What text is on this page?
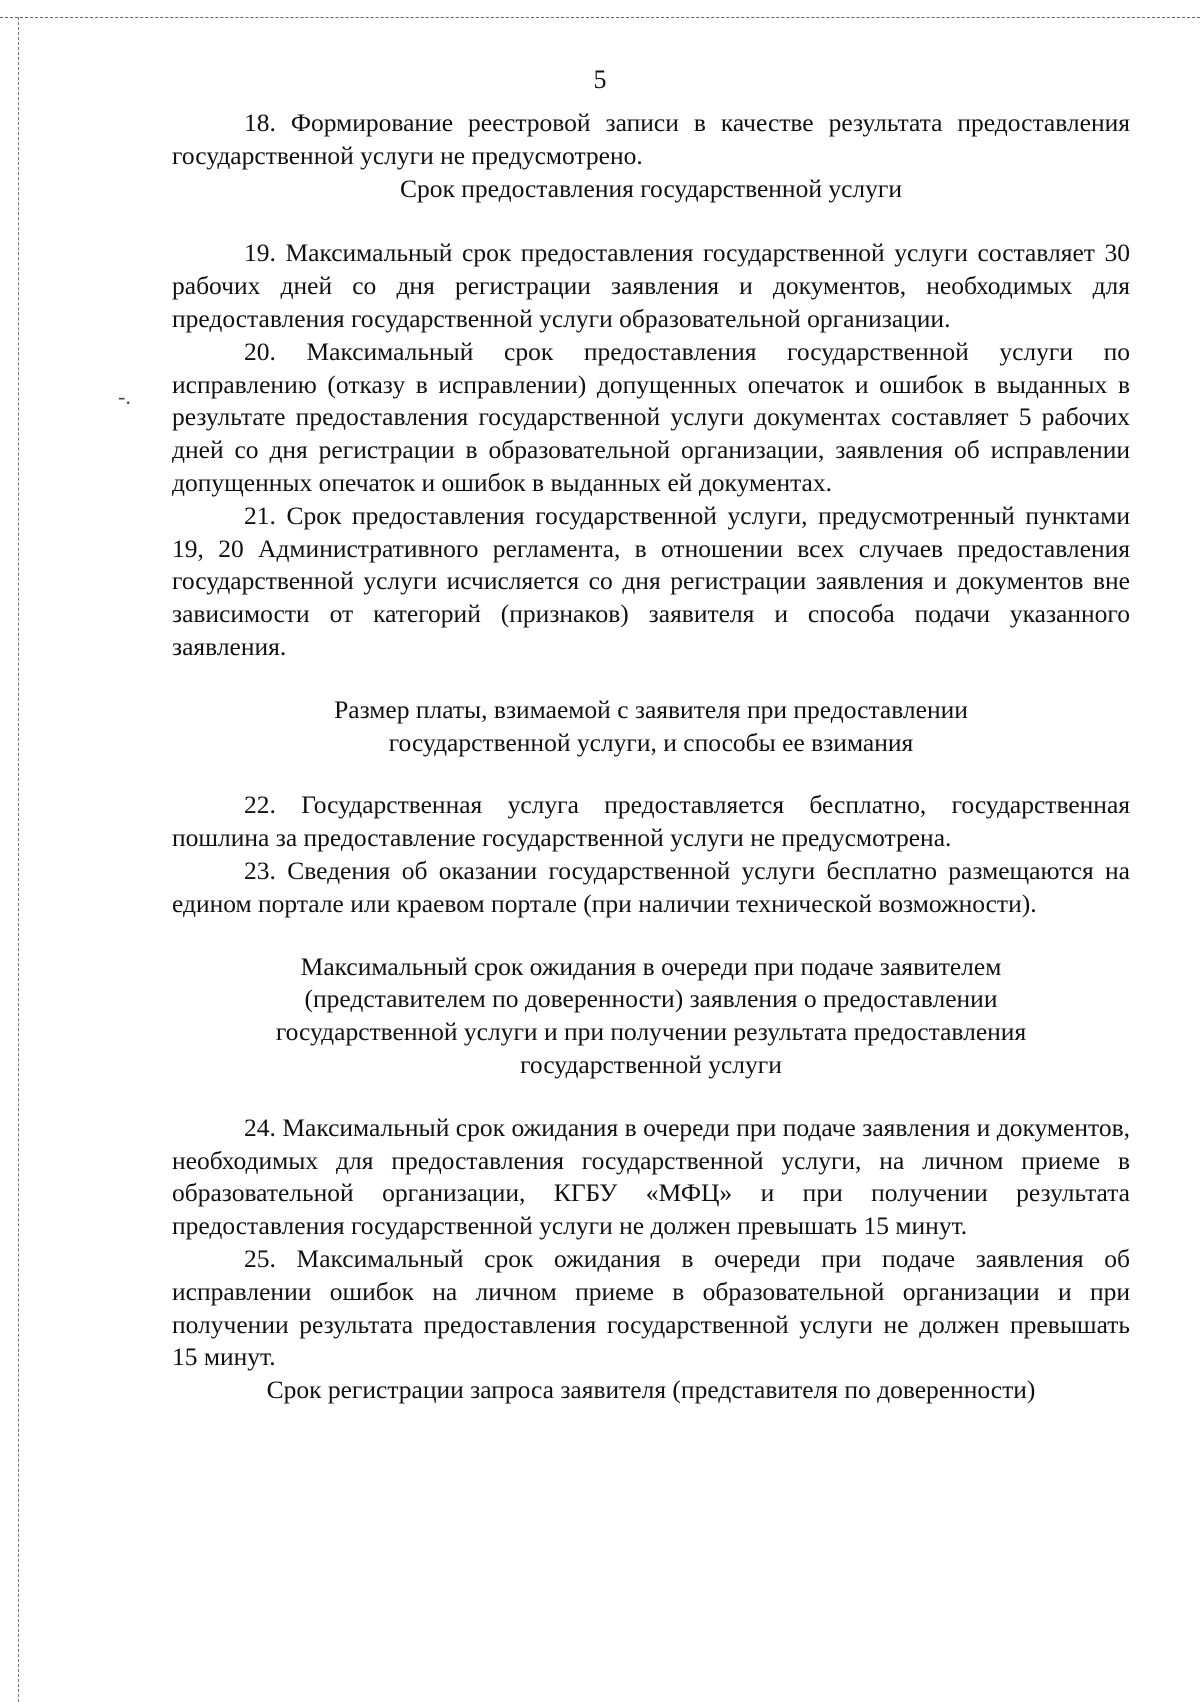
-.
5

18. Формирование реестровой записи в качестве результата предоставления государственной услуги не предусмотрено.

Срок предоставления государственной услуги

19. Максимальный срок предоставления государственной услуги составляет 30 рабочих дней со дня регистрации заявления и документов, необходимых для предоставления государственной услуги образовательной организации.

20. Максимальный срок предоставления государственной услуги по исправлению (отказу в исправлении) допущенных опечаток и ошибок в выданных в результате предоставления государственной услуги документах составляет 5 рабочих дней со дня регистрации в образовательной организации, заявления об исправлении допущенных опечаток и ошибок в выданных ей документах.

21. Срок предоставления государственной услуги, предусмотренный пунктами 19, 20 Административного регламента, в отношении всех случаев предоставления государственной услуги исчисляется со дня регистрации заявления и документов вне зависимости от категорий (признаков) заявителя и способа подачи указанного заявления.

Размер платы, взимаемой с заявителя при предоставлении
государственной услуги, и способы ее взимания

22. Государственная услуга предоставляется бесплатно, государственная пошлина за предоставление государственной услуги не предусмотрена.

23. Сведения об оказании государственной услуги бесплатно размещаются на едином портале или краевом портале (при наличии технической возможности).

Максимальный срок ожидания в очереди при подаче заявителем
(представителем по доверенности) заявления о предоставлении
государственной услуги и при получении результата предоставления
государственной услуги

24. Максимальный срок ожидания в очереди при подаче заявления и документов, необходимых для предоставления государственной услуги, на личном приеме в образовательной организации, КГБУ «МФЦ» и при получении результата предоставления государственной услуги не должен превышать 15 минут.

25. Максимальный срок ожидания в очереди при подаче заявления об исправлении ошибок на личном приеме в образовательной организации и при получении результата предоставления государственной услуги не должен превышать 15 минут.

Срок регистрации запроса заявителя (представителя по доверенности)
